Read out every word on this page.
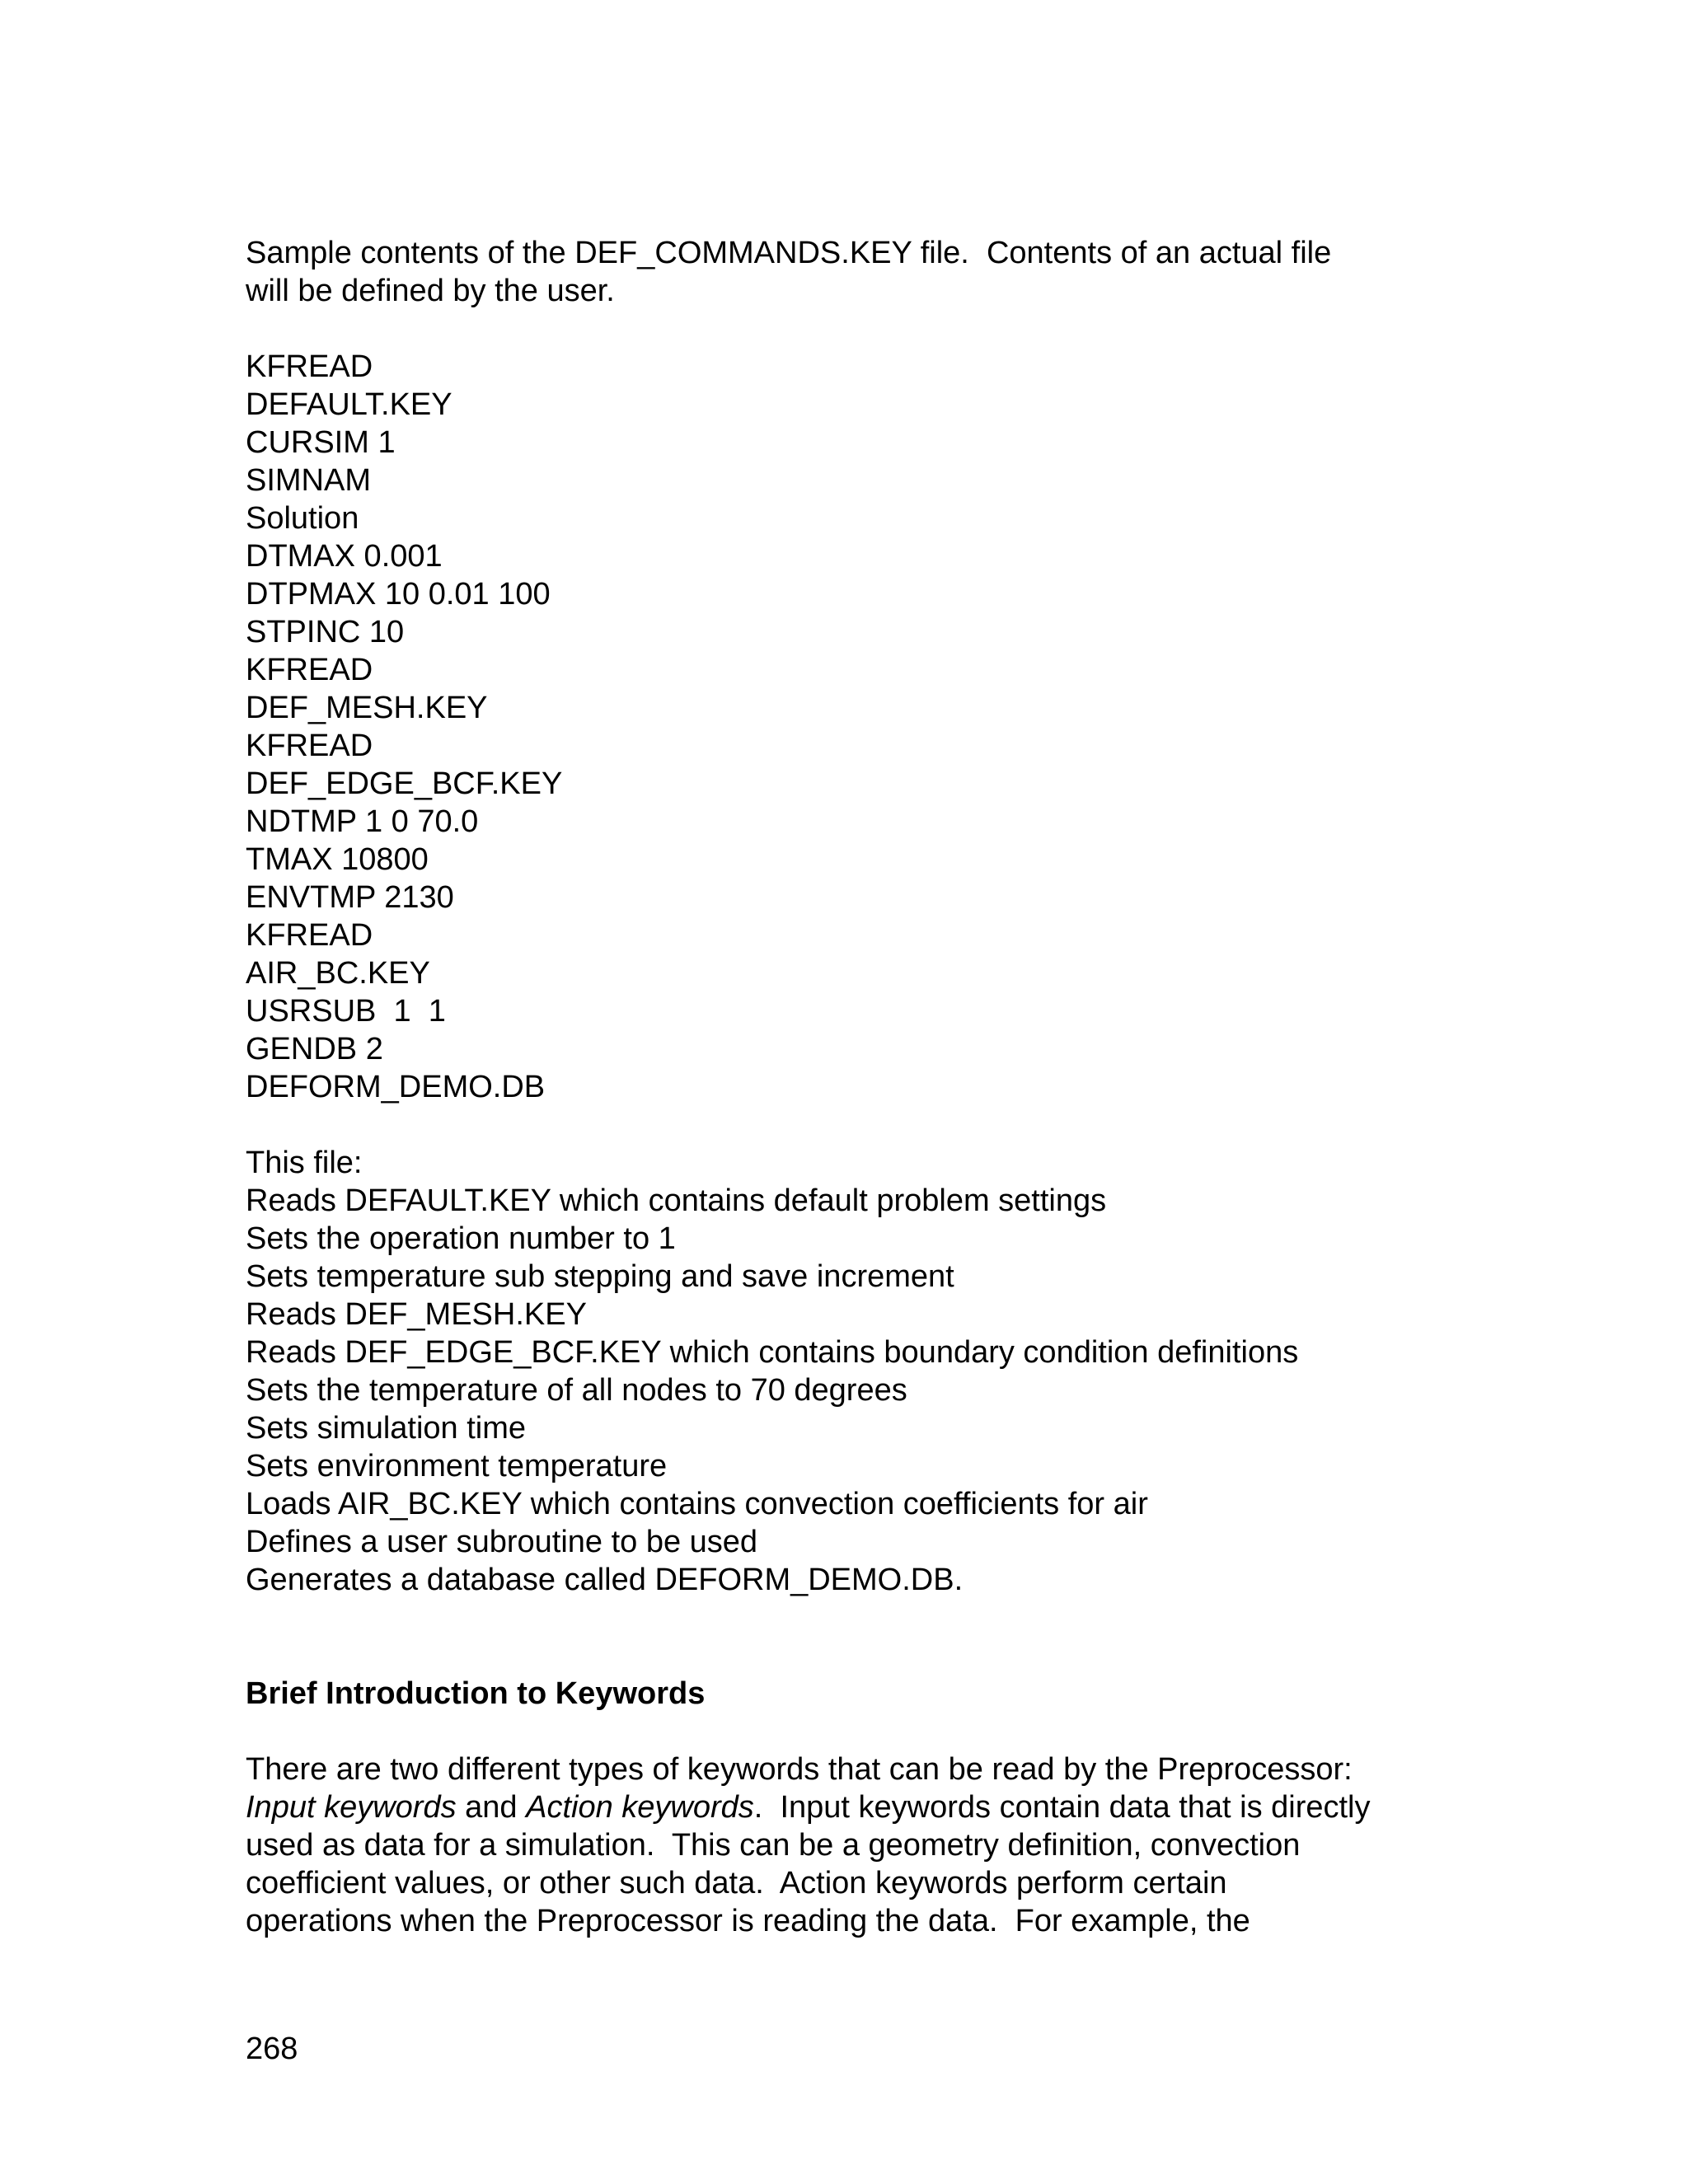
Sample contents of the DEF_COMMANDS.KEY file.  Contents of an actual file
will be defined by the user.
KFREAD
DEFAULT.KEY
CURSIM 1
SIMNAM
Solution
DTMAX 0.001
DTPMAX 10 0.01 100
STPINC 10
KFREAD
DEF_MESH.KEY
KFREAD
DEF_EDGE_BCF.KEY
NDTMP 1 0 70.0
TMAX 10800
ENVTMP 2130
KFREAD
AIR_BC.KEY
USRSUB  1  1
GENDB 2
DEFORM_DEMO.DB
This file:
Reads DEFAULT.KEY which contains default problem settings
Sets the operation number to 1
Sets temperature sub stepping and save increment
Reads DEF_MESH.KEY
Reads DEF_EDGE_BCF.KEY which contains boundary condition definitions
Sets the temperature of all nodes to 70 degrees
Sets simulation time
Sets environment temperature
Loads AIR_BC.KEY which contains convection coefficients for air
Defines a user subroutine to be used
Generates a database called DEFORM_DEMO.DB.
Brief Introduction to Keywords
There are two different types of keywords that can be read by the Preprocessor:
Input keywords and Action keywords.  Input keywords contain data that is directly
used as data for a simulation.  This can be a geometry definition, convection
coefficient values, or other such data.  Action keywords perform certain
operations when the Preprocessor is reading the data.  For example, the
268
